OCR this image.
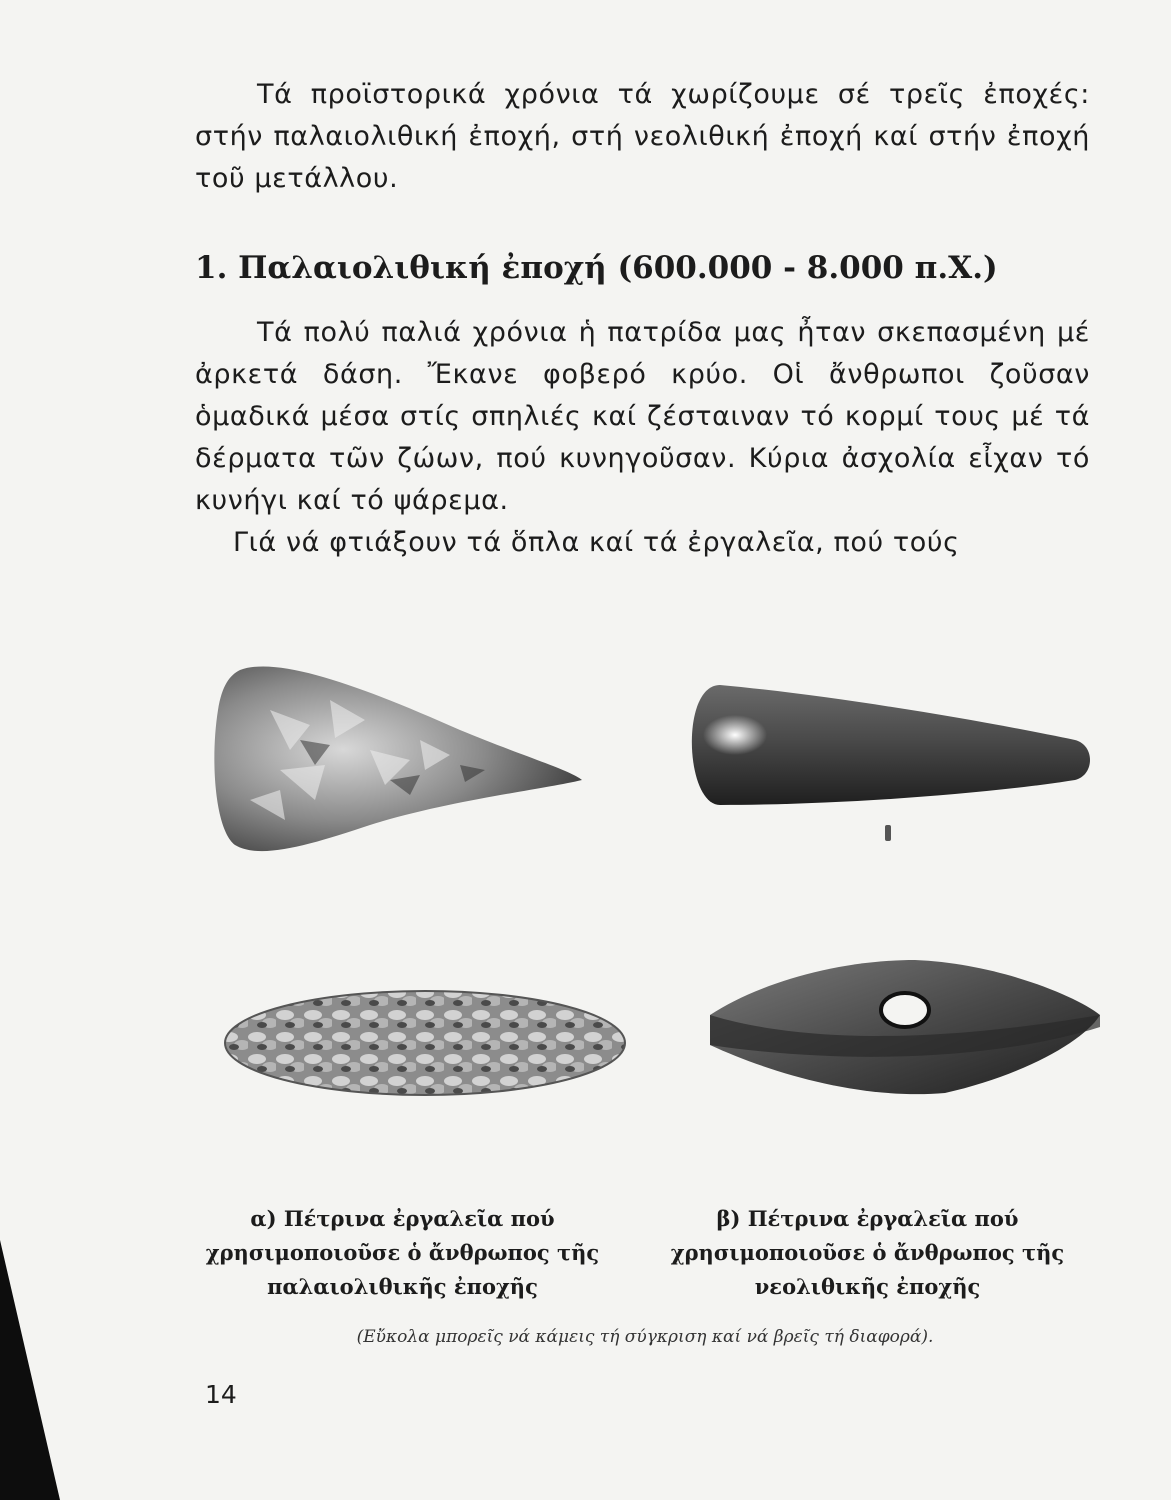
Τά προϊστορικά χρόνια τά χωρίζουμε σέ τρεῖς ἐποχές: στήν παλαιολιθική ἐποχή, στή νεολιθική ἐποχή καί στήν ἐποχή τοῦ μετάλλου.

1. Παλαιολιθική ἐποχή (600.000 - 8.000 π.Χ.)

Τά πολύ παλιά χρόνια ἡ πατρίδα μας ἦταν σκεπασμένη μέ ἀρκετά δάση. Ἔκανε φοβερό κρύο. Οἱ ἄνθρωποι ζοῦσαν ὁμαδικά μέσα στίς σπηλιές καί ζέσταιναν τό κορμί τους μέ τά δέρματα τῶν ζώων, πού κυνηγοῦσαν. Κύρια ἀσχολία εἶχαν τό κυνήγι καί τό ψάρεμα.

Γιά νά φτιάξουν τά ὅπλα καί τά ἐργαλεῖα, πού τούς

α) Πέτρινα ἐργαλεῖα πού χρησιμοποιοῦσε ὁ ἄνθρωπος τῆς παλαιολιθικῆς ἐποχῆς

β) Πέτρινα ἐργαλεῖα πού χρησιμοποιοῦσε ὁ ἄνθρωπος τῆς νεολιθικῆς ἐποχῆς

(Εὔκολα μπορεῖς νά κάμεις τή σύγκριση καί νά βρεῖς τή διαφορά).

14
